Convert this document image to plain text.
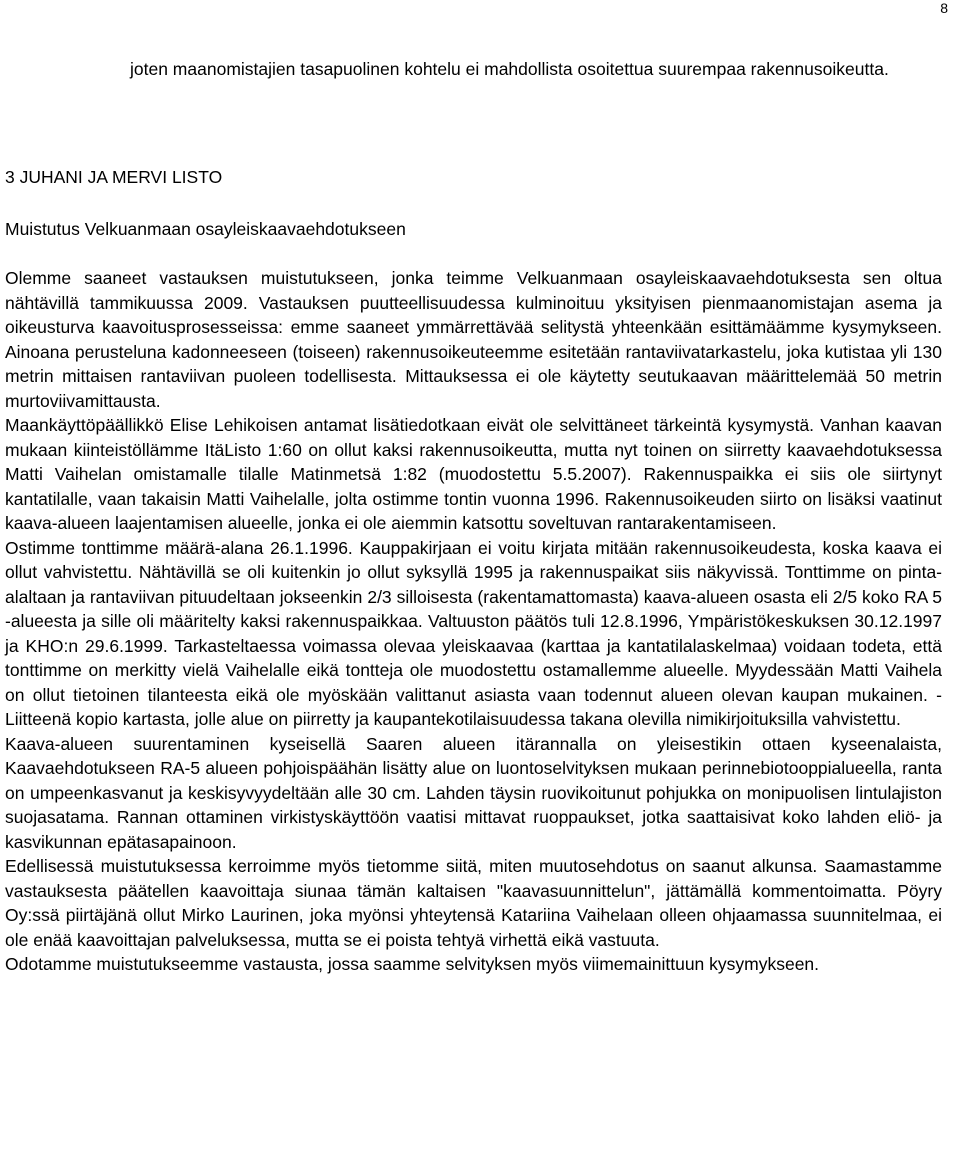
8
joten maanomistajien tasapuolinen kohtelu ei mahdollista osoitettua suurempaa rakennusoikeutta.
3 JUHANI JA MERVI LISTO
Muistutus Velkuanmaan osayleiskaavaehdotukseen

Olemme saaneet vastauksen muistutukseen, jonka teimme Velkuanmaan osayleiskaavaehdotuksesta sen oltua nähtävillä tammikuussa 2009. Vastauksen puutteellisuudessa kulminoituu yksityisen pienmaanomistajan asema ja oikeusturva kaavoitusprosesseissa: emme saaneet ymmärrettävää selitystä yhteenkään esittämäämme kysymykseen. Ainoana perusteluna kadonneeseen (toiseen) rakennusoikeuteemme esitetään rantaviivatarkastelu, joka kutistaa yli 130 metrin mittaisen rantaviivan puoleen todellisesta. Mittauksessa ei ole käytetty seutukaavan määrittelemää 50 metrin murtoviivamittausta.

Maankäyttöpäällikkö Elise Lehikoisen antamat lisätiedotkaan eivät ole selvittäneet tärkeintä kysymystä. Vanhan kaavan mukaan kiinteistöllämme ItäListo 1:60 on ollut kaksi rakennusoikeutta, mutta nyt toinen on siirretty kaavaehdotuksessa Matti Vaihelan omistamalle tilalle Matinmetsä 1:82 (muodostettu 5.5.2007). Rakennuspaikka ei siis ole siirtynyt kantatilalle, vaan takaisin Matti Vaihelalle, jolta ostimme tontin vuonna 1996. Rakennusoikeuden siirto on lisäksi vaatinut kaava-alueen laajentamisen alueelle, jonka ei ole aiemmin katsottu soveltuvan rantarakentamiseen.

Ostimme tonttimme määrä-alana 26.1.1996. Kauppakirjaan ei voitu kirjata mitään rakennusoikeudesta, koska kaava ei ollut vahvistettu. Nähtävillä se oli kuitenkin jo ollut syksyllä 1995 ja rakennuspaikat siis näkyvissä. Tonttimme on pinta-alaltaan ja rantaviivan pituudeltaan jokseenkin 2/3 silloisesta (rakentamattomasta) kaava-alueen osasta eli 2/5 koko RA 5 -alueesta ja sille oli määritelty kaksi rakennuspaikkaa. Valtuuston päätös tuli 12.8.1996, Ympäristökeskuksen 30.12.1997 ja KHO:n 29.6.1999. Tarkasteltaessa voimassa olevaa yleiskaavaa (karttaa ja kantatilalaskelmaa) voidaan todeta, että tonttimme on merkitty vielä Vaihelalle eikä tontteja ole muodostettu ostamallemme alueelle. Myydessään Matti Vaihela on ollut tietoinen tilanteesta eikä ole myöskään valittanut asiasta vaan todennut alueen olevan kaupan mukainen. - Liitteenä kopio kartasta, jolle alue on piirretty ja kaupantekotilaisuudessa takana olevilla nimikirjoituksilla vahvistettu.

Kaava-alueen suurentaminen kyseisellä Saaren alueen itärannalla on yleisestikin ottaen kyseenalaista, Kaavaehdotukseen RA-5 alueen pohjoispäähän lisätty alue on luontoselvityksen mukaan perinnebiotooppialueella, ranta on umpeenkasvanut ja keskisyvyydeltään alle 30 cm. Lahden täysin ruovikoitunut pohjukka on monipuolisen lintulajiston suojasatama. Rannan ottaminen virkistyskäyttöön vaatisi mittavat ruoppaukset, jotka saattaisivat koko lahden eliö- ja kasvikunnan epätasapainoon.

Edellisessä muistutuksessa kerroimme myös tietomme siitä, miten muutosehdotus on saanut alkunsa. Saamastamme vastauksesta päätellen kaavoittaja siunaa tämän kaltaisen "kaavasuunnittelun", jättämällä kommentoimatta. Pöyry Oy:ssä piirtäjänä ollut Mirko Laurinen, joka myönsi yhteytensä Katariina Vaihelaan olleen ohjaamassa suunnitelmaa, ei ole enää kaavoittajan palveluksessa, mutta se ei poista tehtyä virhettä eikä vastuuta.

Odotamme muistutukseemme vastausta, jossa saamme selvityksen myös viimemainittuun kysymykseen.
